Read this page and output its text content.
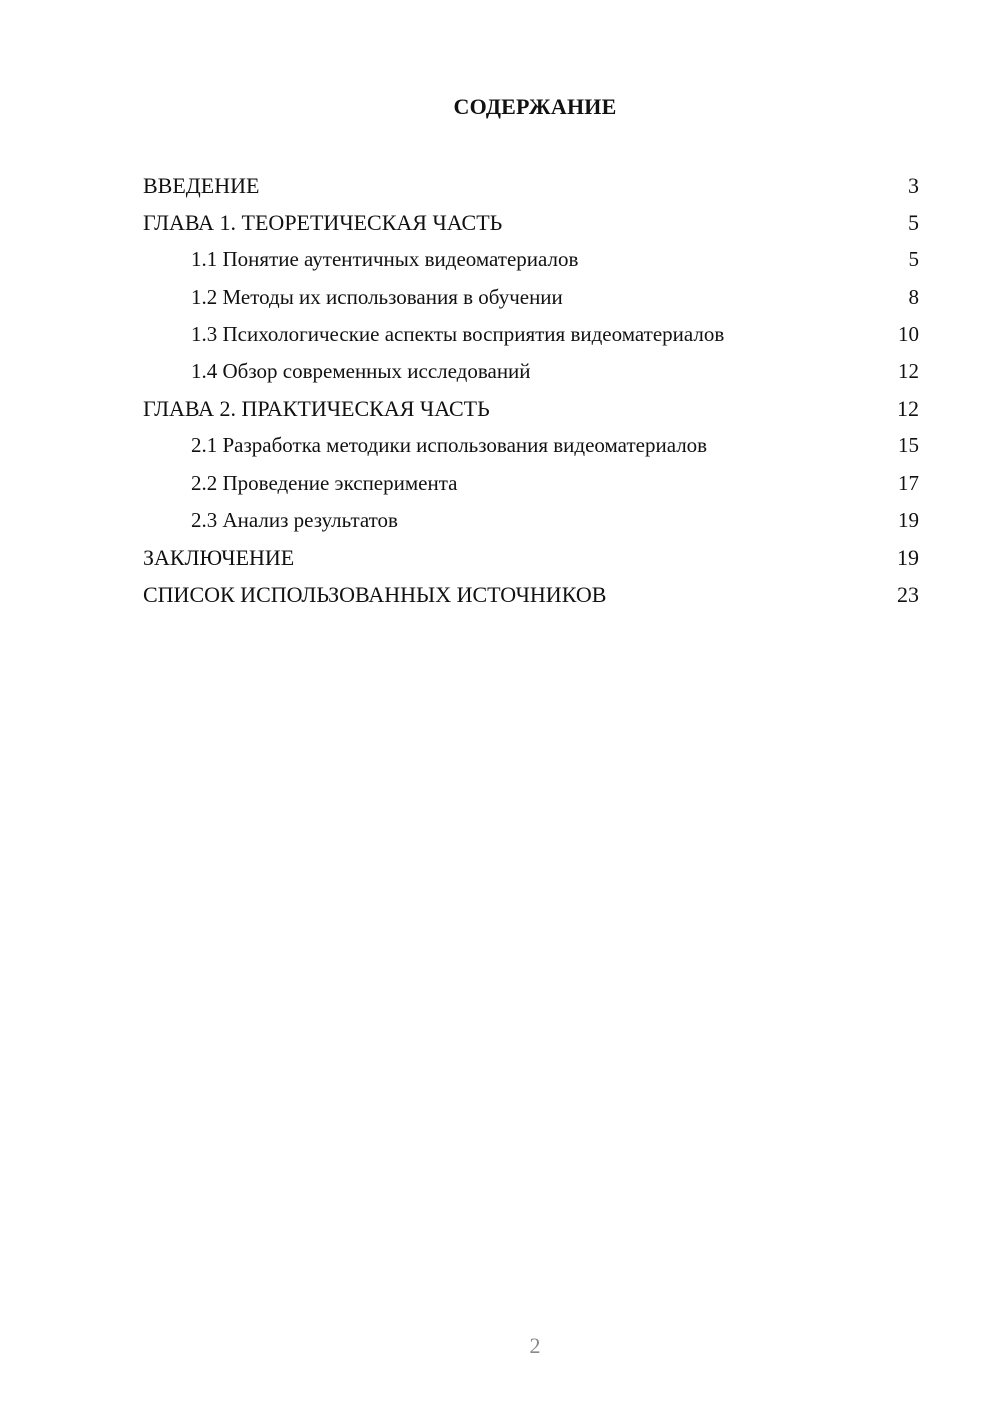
СОДЕРЖАНИЕ
ВВЕДЕНИЕ	3
ГЛАВА 1. ТЕОРЕТИЧЕСКАЯ ЧАСТЬ	5
1.1 Понятие аутентичных видеоматериалов	5
1.2 Методы их использования в обучении	8
1.3 Психологические аспекты восприятия видеоматериалов	10
1.4 Обзор современных исследований	12
ГЛАВА 2. ПРАКТИЧЕСКАЯ ЧАСТЬ	12
2.1 Разработка методики использования видеоматериалов	15
2.2 Проведение эксперимента	17
2.3 Анализ результатов	19
ЗАКЛЮЧЕНИЕ	19
СПИСОК ИСПОЛЬЗОВАННЫХ ИСТОЧНИКОВ	23
2
